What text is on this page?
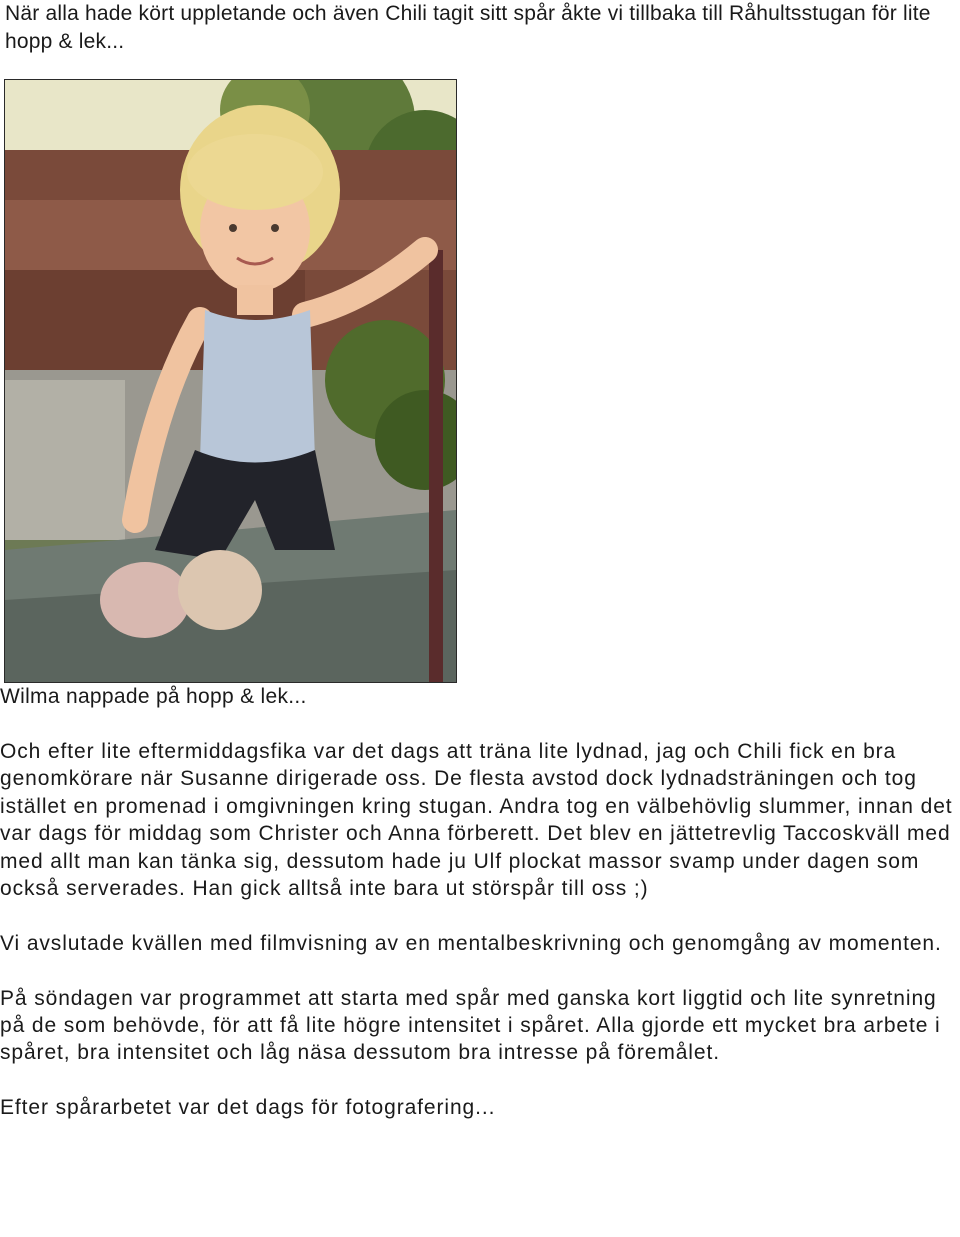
När alla hade kört uppletande och även Chili tagit sitt spår åkte vi tillbaka till Råhultsstugan för lite hopp & lek...

Wilma nappade på hopp & lek...

Och efter lite eftermiddagsfika var det dags att träna lite lydnad, jag och Chili fick en bra genomkörare när Susanne dirigerade oss. De flesta avstod dock lydnadsträningen och tog istället en promenad i omgivningen kring stugan. Andra tog en välbehövlig slummer, innan det var dags för middag som Christer och Anna förberett. Det blev en jättetrevlig Taccoskväll med med allt man kan tänka sig, dessutom hade ju Ulf plockat massor svamp under dagen som också serverades. Han gick alltså inte bara ut störspår till oss ;)

Vi avslutade kvällen med filmvisning av en mentalbeskrivning och genomgång av momenten.

På söndagen var programmet att starta med spår med ganska kort liggtid och lite synretning på de som behövde, för att få lite högre intensitet i spåret. Alla gjorde ett mycket bra arbete i spåret, bra intensitet och låg näsa dessutom bra intresse på föremålet.

Efter spårarbetet var det dags för fotografering...
